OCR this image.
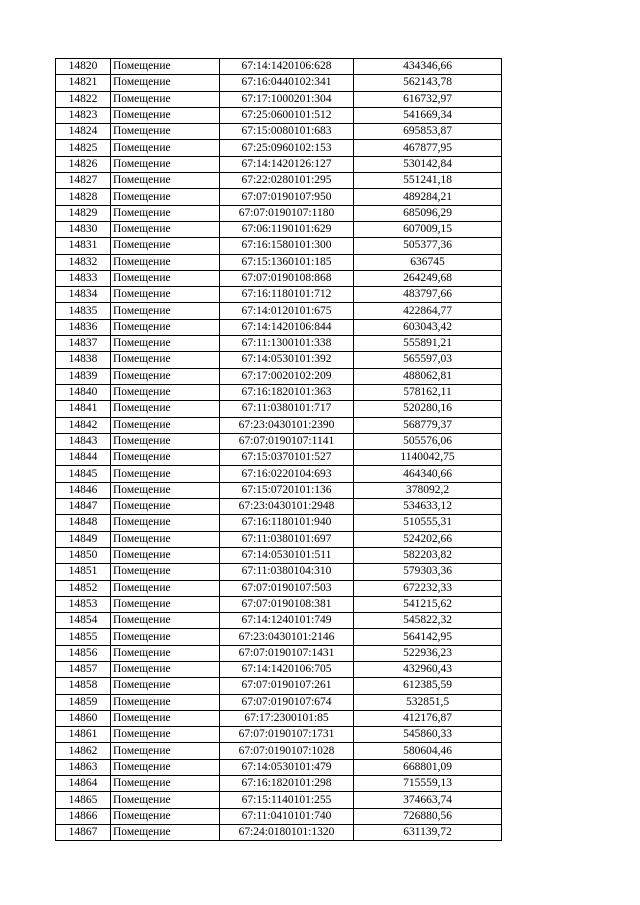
14820	Помещение	67:14:1420106:628	434346,66
14821	Помещение	67:16:0440102:341	562143,78
14822	Помещение	67:17:1000201:304	616732,97
14823	Помещение	67:25:0600101:512	541669,34
14824	Помещение	67:15:0080101:683	695853,87
14825	Помещение	67:25:0960102:153	467877,95
14826	Помещение	67:14:1420126:127	530142,84
14827	Помещение	67:22:0280101:295	551241,18
14828	Помещение	67:07:0190107:950	489284,21
14829	Помещение	67:07:0190107:1180	685096,29
14830	Помещение	67:06:1190101:629	607009,15
14831	Помещение	67:16:1580101:300	505377,36
14832	Помещение	67:15:1360101:185	636745
14833	Помещение	67:07:0190108:868	264249,68
14834	Помещение	67:16:1180101:712	483797,66
14835	Помещение	67:14:0120101:675	422864,77
14836	Помещение	67:14:1420106:844	603043,42
14837	Помещение	67:11:1300101:338	555891,21
14838	Помещение	67:14:0530101:392	565597,03
14839	Помещение	67:17:0020102:209	488062,81
14840	Помещение	67:16:1820101:363	578162,11
14841	Помещение	67:11:0380101:717	520280,16
14842	Помещение	67:23:0430101:2390	568779,37
14843	Помещение	67:07:0190107:1141	505576,06
14844	Помещение	67:15:0370101:527	1140042,75
14845	Помещение	67:16:0220104:693	464340,66
14846	Помещение	67:15:0720101:136	378092,2
14847	Помещение	67:23:0430101:2948	534633,12
14848	Помещение	67:16:1180101:940	510555,31
14849	Помещение	67:11:0380101:697	524202,66
14850	Помещение	67:14:0530101:511	582203,82
14851	Помещение	67:11:0380104:310	579303,36
14852	Помещение	67:07:0190107:503	672232,33
14853	Помещение	67:07:0190108:381	541215,62
14854	Помещение	67:14:1240101:749	545822,32
14855	Помещение	67:23:0430101:2146	564142,95
14856	Помещение	67:07:0190107:1431	522936,23
14857	Помещение	67:14:1420106:705	432960,43
14858	Помещение	67:07:0190107:261	612385,59
14859	Помещение	67:07:0190107:674	532851,5
14860	Помещение	67:17:2300101:85	412176,87
14861	Помещение	67:07:0190107:1731	545860,33
14862	Помещение	67:07:0190107:1028	580604,46
14863	Помещение	67:14:0530101:479	668801,09
14864	Помещение	67:16:1820101:298	715559,13
14865	Помещение	67:15:1140101:255	374663,74
14866	Помещение	67:11:0410101:740	726880,56
14867	Помещение	67:24:0180101:1320	631139,72
